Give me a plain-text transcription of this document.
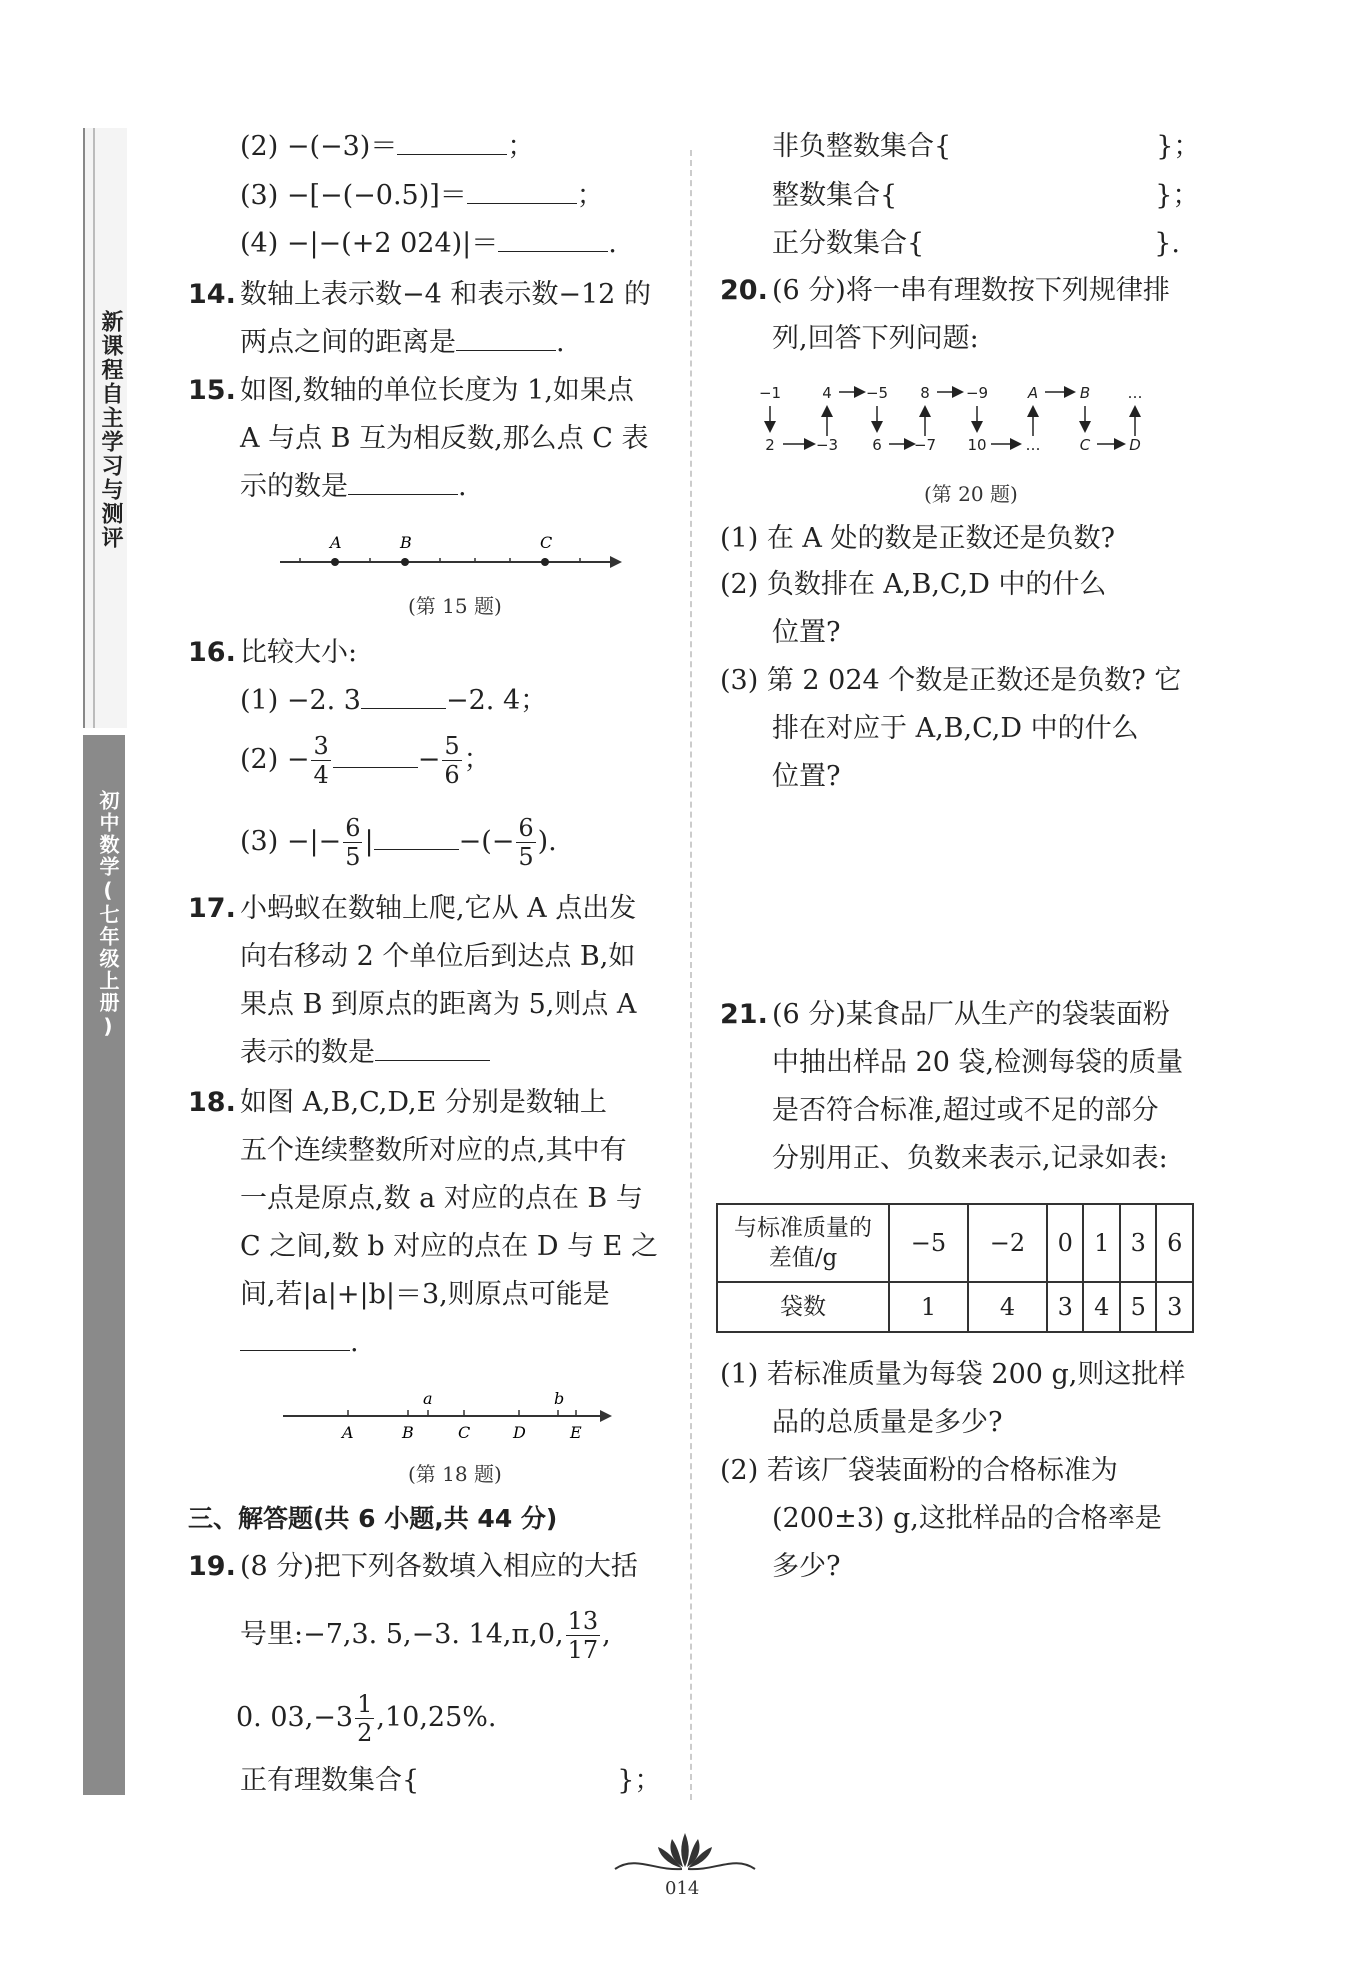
新课程自主学习与测评
初中数学(七年级上册)
(2) −(−3)＝	；
(3) −[−(−0.5)]＝	；
(4) −|−(+2 024)|＝	.
14. 数轴上表示数−4 和表示数−12 的
两点之间的距离是	.
15. 如图,数轴的单位长度为 1,如果点
A 与点 B 互为相反数,那么点 C 表
示的数是	.
A	B	C
(第 15 题)
16. 比较大小:
(1) −2. 3	−2. 4；
$(2) - \frac{3}{4}$	− $\frac{5}{6}$ ；
(3) −|− $\frac{6}{5}$ |	−(− $\frac{6}{5}$ ).
17. 小蚂蚁在数轴上爬,它从 A 点出发
向右移动 2 个单位后到达点 B,如
果点 B 到原点的距离为 5,则点 A
表示的数是
18. 如图 A,B,C,D,E 分别是数轴上
五个连续整数所对应的点,其中有
一点是原点,数 a 对应的点在 B 与
C 之间,数 b 对应的点在 D 与 E 之
间,若|a|+|b|＝3,则原点可能是
.
a	b
A	B	C	D	E
(第 18 题)
三、解答题(共 6 小题,共 44 分)
19. (8 分)把下列各数填入相应的大括
号里:−7,3. 5,−3. 14,π,0, $\frac{13}{17}$ ,
0. $03,-3 \frac{1}{2} ,10,25\%$.
正有理数集合{	}；
非负整数集合{	}；
整数集合{	}；
正分数集合{	}.
20. (6 分)将一串有理数按下列规律排
列,回答下列问题:
−1	4 −5 8 −9	A	B …
2	−3 6 −7 10	…	C	D
(第 20 题)
(1) 在 A 处的数是正数还是负数?
(2) 负数排在 A,B,C,D 中的什么
位置?
(3) 第 2 024 个数是正数还是负数? 它
排在对应于 A,B,C,D 中的什么
位置?
21. (6 分)某食品厂从生产的袋装面粉
中抽出样品 20 袋,检测每袋的质量
是否符合标准,超过或不足的部分
分别用正、负数来表示,记录如表:
与标准质量的
差值/g	−5	−2	0	1	3	6
袋数	1	4	3	4	5	3
(1) 若标准质量为每袋 200 g,则这批样
品的总质量是多少?
(2) 若该厂袋装面粉的合格标准为
(200±3) g,这批样品的合格率是
多少?
014
